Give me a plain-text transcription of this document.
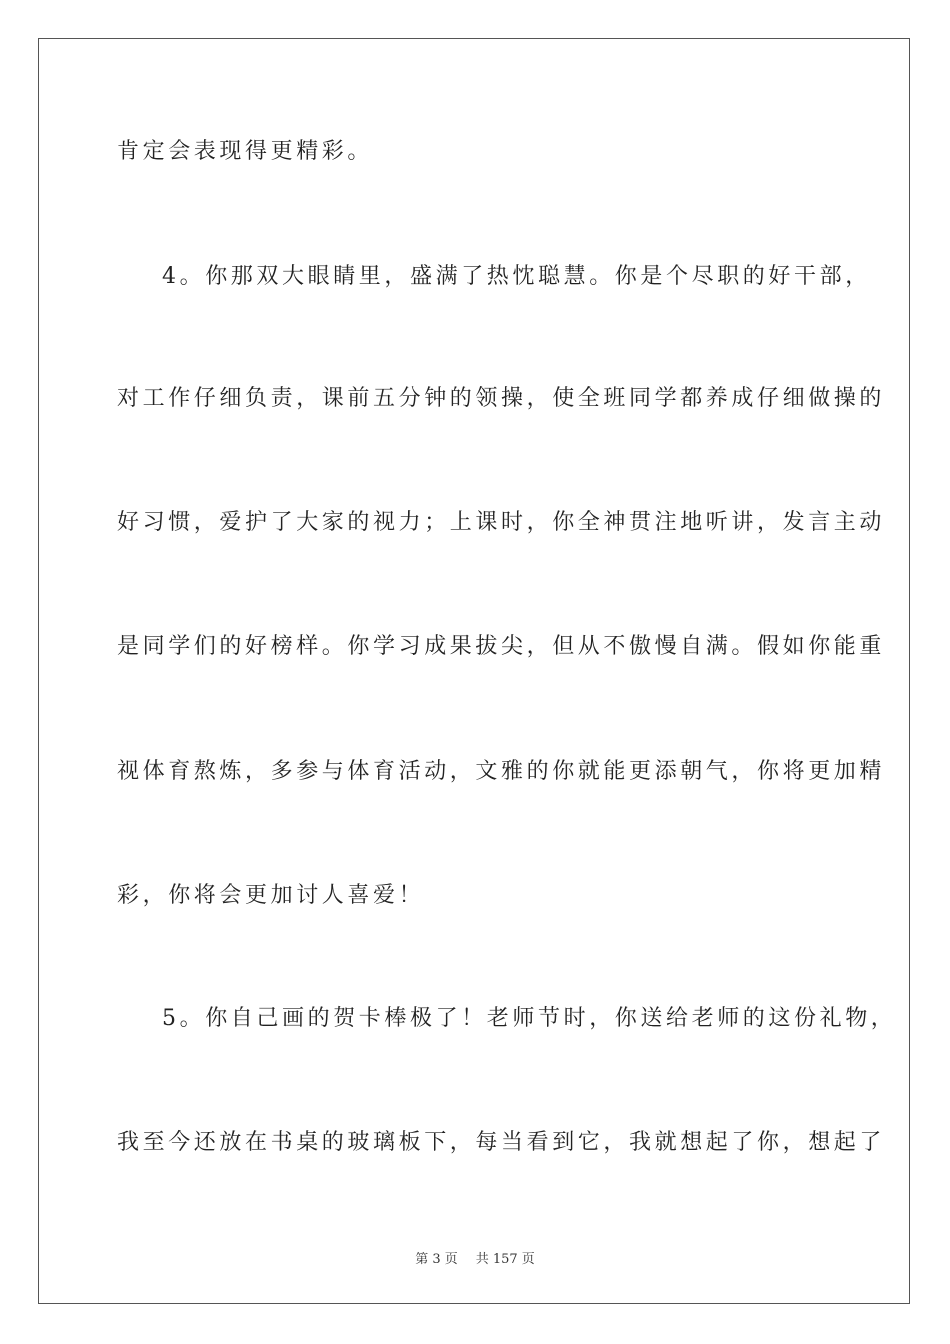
肯定会表现得更精彩。
4。你那双大眼睛里，盛满了热忱聪慧。你是个尽职的好干部，
对工作仔细负责，课前五分钟的领操，使全班同学都养成仔细做操的
好习惯，爱护了大家的视力；上课时，你全神贯注地听讲，发言主动
是同学们的好榜样。你学习成果拔尖，但从不傲慢自满。假如你能重
视体育熬炼，多参与体育活动，文雅的你就能更添朝气，你将更加精
彩，你将会更加讨人喜爱！
5。你自己画的贺卡棒极了！老师节时，你送给老师的这份礼物，
我至今还放在书桌的玻璃板下，每当看到它，我就想起了你，想起了
第 3 页 共 157 页
